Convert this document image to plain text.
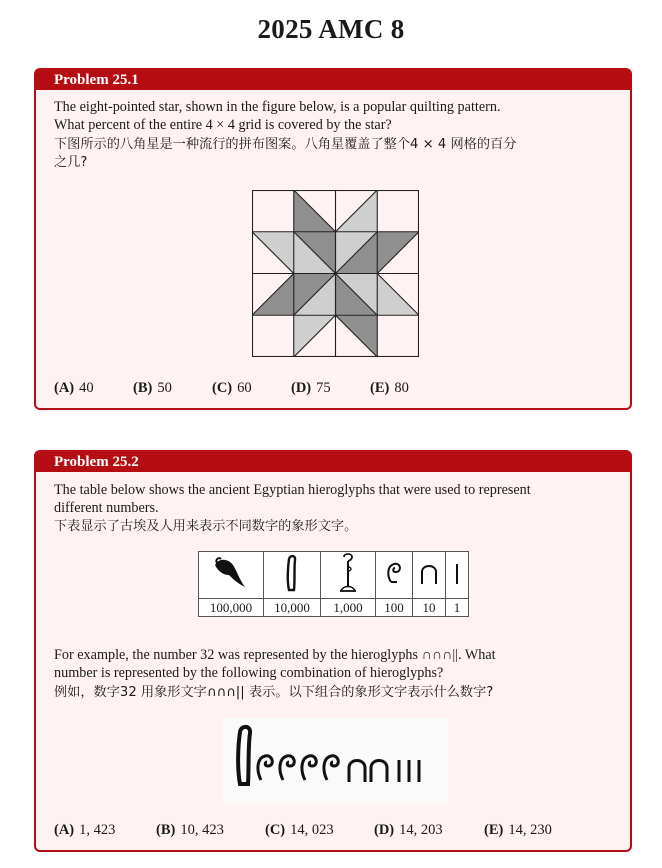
2025 AMC 8
Problem 25.1
The eight-pointed star, shown in the figure below, is a popular quilting pattern.
What percent of the entire 4 × 4 grid is covered by the star?
下图所示的八角星是一种流行的拼布图案。八角星覆盖了整个4 × 4 网格的百分
之几?
(A) 40	(B) 50	(C) 60	(D) 75	(E) 80
Problem 25.2
The table below shows the ancient Egyptian hieroglyphs that were used to represent
different numbers.
下表显示了古埃及人用来表示不同数字的象形文字。

100,000	10,000	1,000	100	10	1
For example, the number 32 was represented by the hieroglyphs ∩∩∩||. What
number is represented by the following combination of hieroglyphs?
例如，数字32 用象形文字∩∩∩|| 表示。以下组合的象形文字表示什么数字?
(A) 1, 423	(B) 10, 423	(C) 14, 023	(D) 14, 203	(E) 14, 230
